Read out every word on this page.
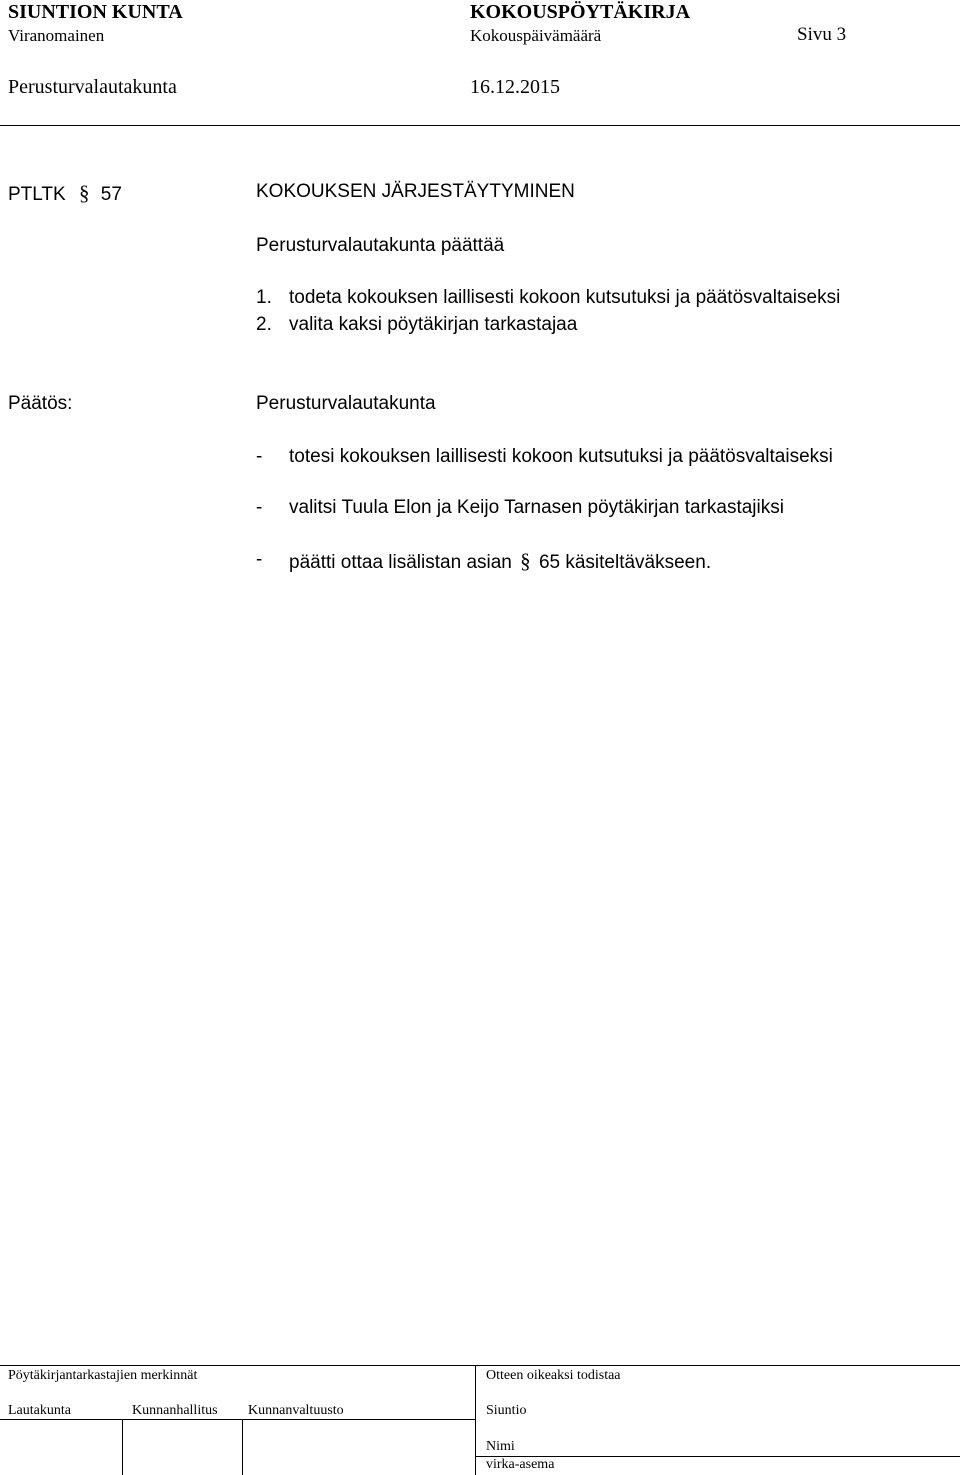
SIUNTION KUNTA	KOKOUSPÖYTÄKIRJA
Viranomainen	Kokouspäivämäärä	Sivu 3
Perusturvalautakunta	16.12.2015
PTLTK § 57	KOKOUKSEN JÄRJESTÄYTYMINEN
Perusturvalautakunta päättää
1. todeta kokouksen laillisesti kokoon kutsutuksi ja päätösvaltaiseksi
2. valita kaksi pöytäkirjan tarkastajaa
Päätös:	Perusturvalautakunta
- totesi kokouksen laillisesti kokoon kutsutuksi ja päätösvaltaiseksi
- valitsi Tuula Elon ja Keijo Tarnasen pöytäkirjan tarkastajiksi
- päätti ottaa lisälistan asian § 65 käsiteltäväkseen.
Pöytäkirjantarkastajien merkinnät	Otteen oikeaksi todistaa
Lautakunta	Kunnanhallitus Kunnanvaltuusto	Siuntio
Nimi
virka-asema
